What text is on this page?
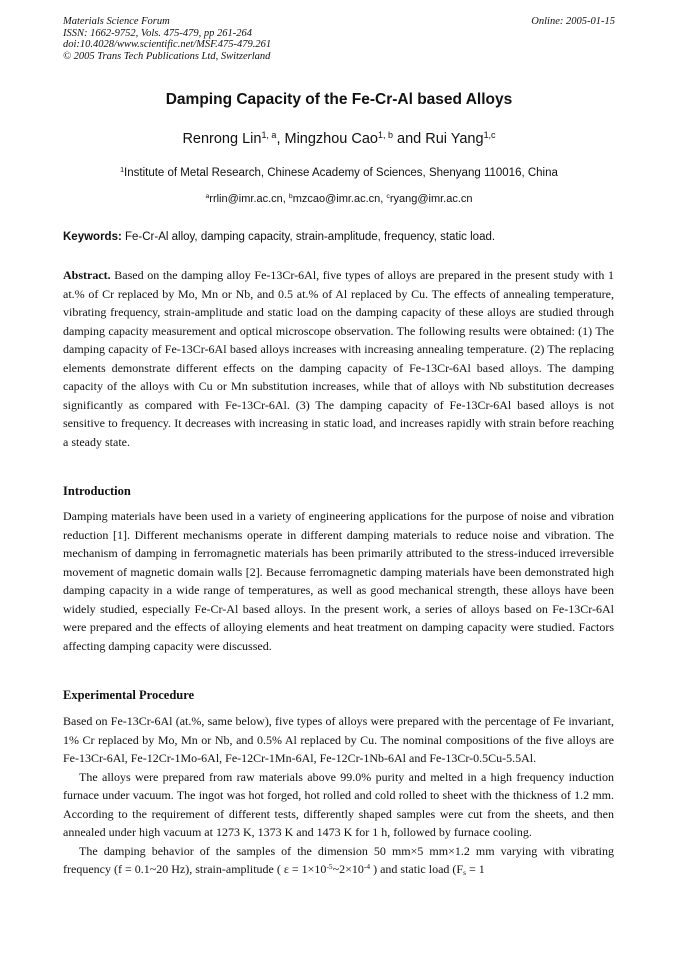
Materials Science Forum
ISSN: 1662-9752, Vols. 475-479, pp 261-264
doi:10.4028/www.scientific.net/MSF.475-479.261
© 2005 Trans Tech Publications Ltd, Switzerland
Online: 2005-01-15
Damping Capacity of the Fe-Cr-Al based Alloys
Renrong Lin$^{1, a}$, Mingzhou Cao$^{1, b}$ and Rui Yang$^{1,c}$
$^1$Institute of Metal Research, Chinese Academy of Sciences, Shenyang 110016, China
$^a$rrlin@imr.ac.cn, $^b$mzcao@imr.ac.cn, $^c$ryang@imr.ac.cn
Keywords: Fe-Cr-Al alloy, damping capacity, strain-amplitude, frequency, static load.

Abstract. Based on the damping alloy Fe-13Cr-6Al, five types of alloys are prepared in the present study with 1 at.% of Cr replaced by Mo, Mn or Nb, and 0.5 at.% of Al replaced by Cu. The effects of annealing temperature, vibrating frequency, strain-amplitude and static load on the damping capacity of these alloys are studied through damping capacity measurement and optical microscope observation. The following results were obtained: (1) The damping capacity of Fe-13Cr-6Al based alloys increases with increasing annealing temperature. (2) The replacing elements demonstrate different effects on the damping capacity of Fe-13Cr-6Al based alloys. The damping capacity of the alloys with Cu or Mn substitution increases, while that of alloys with Nb substitution decreases significantly as compared with Fe-13Cr-6Al. (3) The damping capacity of Fe-13Cr-6Al based alloys is not sensitive to frequency. It decreases with increasing in static load, and increases rapidly with strain before reaching a steady state.

Introduction

Damping materials have been used in a variety of engineering applications for the purpose of noise and vibration reduction [1]. Different mechanisms operate in different damping materials to reduce noise and vibration. The mechanism of damping in ferromagnetic materials has been primarily attributed to the stress-induced irreversible movement of magnetic domain walls [2]. Because ferromagnetic damping materials have been demonstrated high damping capacity in a wide range of temperatures, as well as good mechanical strength, these alloys have been widely studied, especially Fe-Cr-Al based alloys. In the present work, a series of alloys based on Fe-13Cr-6Al were prepared and the effects of alloying elements and heat treatment on damping capacity were studied. Factors affecting damping capacity were discussed.

Experimental Procedure

Based on Fe-13Cr-6Al (at.%, same below), five types of alloys were prepared with the percentage of Fe invariant, 1% Cr replaced by Mo, Mn or Nb, and 0.5% Al replaced by Cu. The nominal compositions of the five alloys are Fe-13Cr-6Al, Fe-12Cr-1Mo-6Al, Fe-12Cr-1Mn-6Al, Fe-12Cr-1Nb-6Al and Fe-13Cr-0.5Cu-5.5Al.

The alloys were prepared from raw materials above 99.0% purity and melted in a high frequency induction furnace under vacuum. The ingot was hot forged, hot rolled and cold rolled to sheet with the thickness of 1.2 mm. According to the requirement of different tests, differently shaped samples were cut from the sheets, and then annealed under high vacuum at 1273 K, 1373 K and 1473 K for 1 h, followed by furnace cooling.

The damping behavior of the samples of the dimension 50 mm×5 mm×1.2 mm varying with vibrating frequency (f = 0.1~20 Hz), strain-amplitude ( $\varepsilon = 1\times 10^{-5}\sim 2\times 10^{-4}$ ) and static load ($F_s = 1$
